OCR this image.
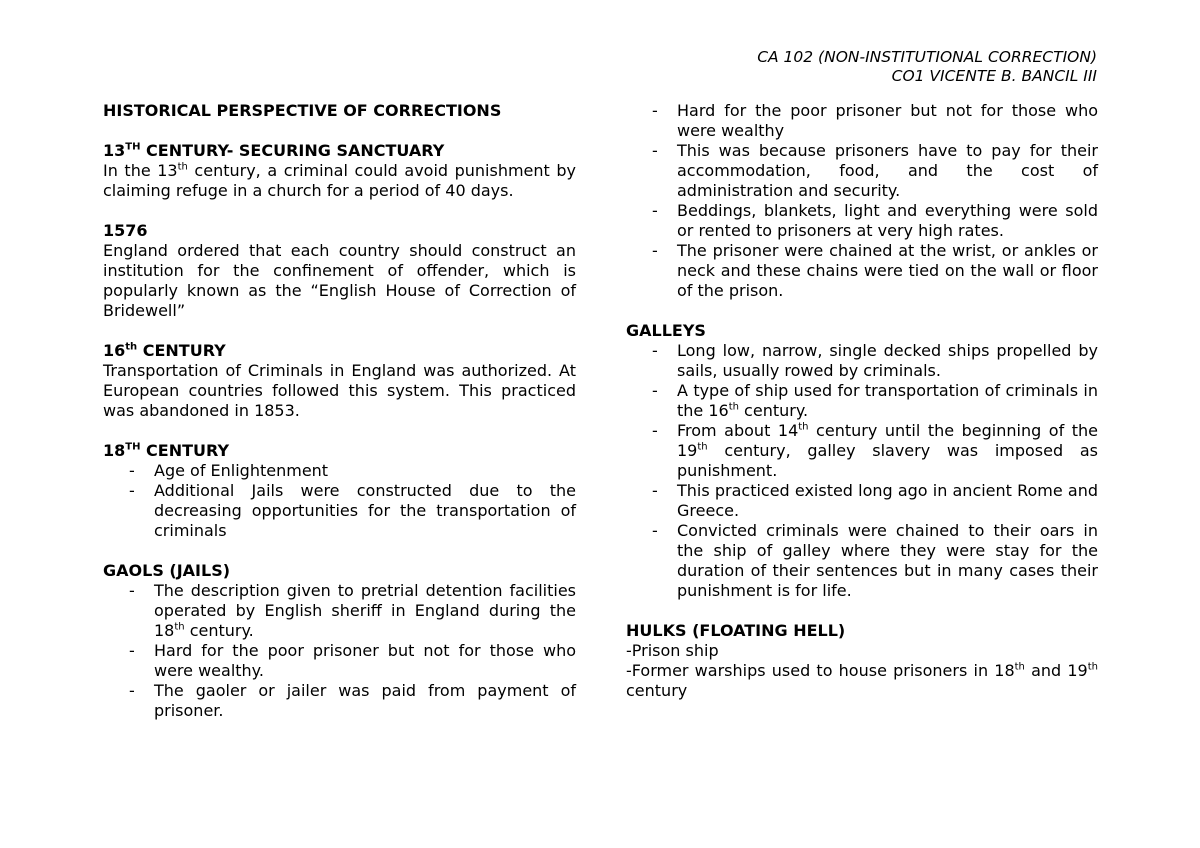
CA 102 (NON-INSTITUTIONAL CORRECTION)
CO1 VICENTE B. BANCIL III
HISTORICAL PERSPECTIVE OF CORRECTIONS
13TH CENTURY- SECURING SANCTUARY

In the 13th century, a criminal could avoid punishment by claiming refuge in a church for a period of 40 days.

1576

England ordered that each country should construct an institution for the confinement of offender, which is popularly known as the “English House of Correction of Bridewell”

16th CENTURY

Transportation of Criminals in England was authorized. At European countries followed this system. This practiced was abandoned in 1853.

18TH CENTURY
- Age of Enlightenment
- Additional Jails were constructed due to the decreasing opportunities for the transportation of criminals
GAOLS (JAILS)
- The description given to pretrial detention facilities operated by English sheriff in England during the 18th century.
- Hard for the poor prisoner but not for those who were wealthy.
- The gaoler or jailer was paid from payment of prisoner.
- Hard for the poor prisoner but not for those who were wealthy
- This was because prisoners have to pay for their accommodation, food, and the cost of administration and security.
- Beddings, blankets, light and everything were sold or rented to prisoners at very high rates.
- The prisoner were chained at the wrist, or ankles or neck and these chains were tied on the wall or floor of the prison.
GALLEYS
- Long low, narrow, single decked ships propelled by sails, usually rowed by criminals.
- A type of ship used for transportation of criminals in the 16th century.
- From about 14th century until the beginning of the 19th century, galley slavery was imposed as punishment.
- This practiced existed long ago in ancient Rome and Greece.
- Convicted criminals were chained to their oars in the ship of galley where they were stay for the duration of their sentences but in many cases their punishment is for life.
HULKS (FLOATING HELL)

-Prison ship

-Former warships used to house prisoners in 18th and 19th century
